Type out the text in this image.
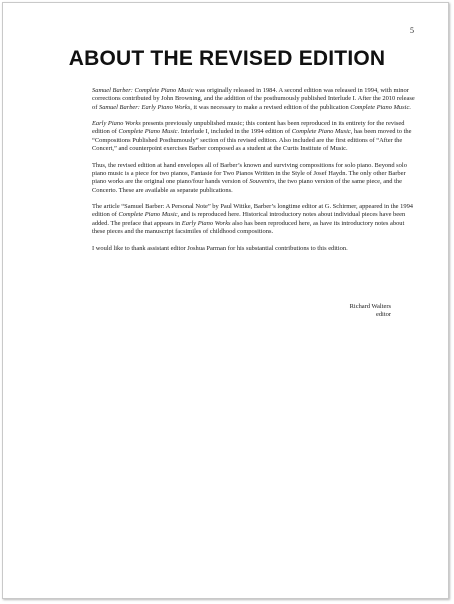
5
ABOUT THE REVISED EDITION

Samuel Barber: Complete Piano Music was originally released in 1984. A second edition was released in 1994, with minor corrections contributed by John Browning, and the addition of the posthumously published Interlude I. After the 2010 release of Samuel Barber: Early Piano Works, it was necessary to make a revised edition of the publication Complete Piano Music.

Early Piano Works presents previously unpublished music; this content has been reproduced in its entirety for the revised edition of Complete Piano Music. Interlude I, included in the 1994 edition of Complete Piano Music, has been moved to the “Compositions Published Posthumously” section of this revised edition. Also included are the first editions of “After the Concert,” and counterpoint exercises Barber composed as a student at the Curtis Institute of Music.

Thus, the revised edition at hand envelopes all of Barber’s known and surviving compositions for solo piano. Beyond solo piano music is a piece for two pianos, Fantasie for Two Pianos Written in the Style of Josef Haydn. The only other Barber piano works are the original one piano/four hands version of Souvenirs, the two piano version of the same piece, and the Concerto. These are available as separate publications.

The article “Samuel Barber: A Personal Note” by Paul Wittke, Barber’s longtime editor at G. Schirmer, appeared in the 1994 edition of Complete Piano Music, and is reproduced here. Historical introductory notes about individual pieces have been added. The preface that appears in Early Piano Works also has been reproduced here, as have its introductory notes about these pieces and the manuscript facsimiles of childhood compositions.

I would like to thank assistant editor Joshua Parman for his substantial contributions to this edition.

Richard Walters
editor
